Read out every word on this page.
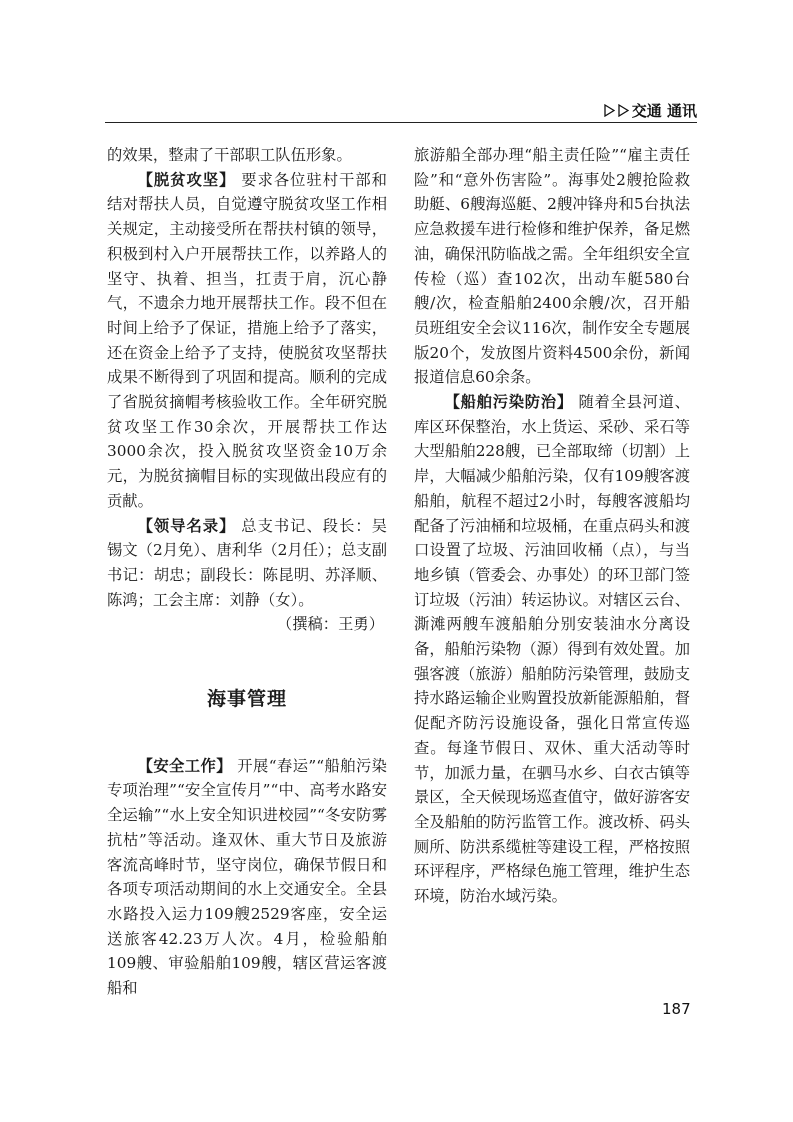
交通 通讯

的效果，整肃了干部职工队伍形象。

【脱贫攻坚】 要求各位驻村干部和结对帮扶人员，自觉遵守脱贫攻坚工作相关规定，主动接受所在帮扶村镇的领导，积极到村入户开展帮扶工作，以养路人的坚守、执着、担当，扛责于肩，沉心静气，不遗余力地开展帮扶工作。段不但在时间上给予了保证，措施上给予了落实，还在资金上给予了支持，使脱贫攻坚帮扶成果不断得到了巩固和提高。顺利的完成了省脱贫摘帽考核验收工作。全年研究脱贫攻坚工作30余次，开展帮扶工作达3000余次，投入脱贫攻坚资金10万余元，为脱贫摘帽目标的实现做出段应有的贡献。

【领导名录】 总支书记、段长：吴锡文（2月免）、唐利华（2月任）；总支副书记：胡忠；副段长：陈昆明、苏泽顺、陈鸿；工会主席：刘静（女）。

（撰稿：王勇）

海事管理

【安全工作】 开展“春运”“船舶污染专项治理”“安全宣传月”“中、高考水路安全运输”“水上安全知识进校园”“冬安防雾抗枯”等活动。逢双休、重大节日及旅游客流高峰时节，坚守岗位，确保节假日和各项专项活动期间的水上交通安全。全县水路投入运力109艘2529客座，安全运送旅客42.23万人次。4月，检验船舶109艘、审验船舶109艘，辖区营运客渡船和

旅游船全部办理“船主责任险”“雇主责任险”和“意外伤害险”。海事处2艘抢险救助艇、6艘海巡艇、2艘冲锋舟和5台执法应急救援车进行检修和维护保养，备足燃油，确保汛防临战之需。全年组织安全宣传检（巡）查102次，出动车艇580台艘/次，检查船舶2400余艘/次，召开船员班组安全会议116次，制作安全专题展版20个，发放图片资料4500余份，新闻报道信息60余条。

【船舶污染防治】 随着全县河道、库区环保整治，水上货运、采砂、采石等大型船舶228艘，已全部取缔（切割）上岸，大幅减少船舶污染，仅有109艘客渡船舶，航程不超过2小时，每艘客渡船均配备了污油桶和垃圾桶，在重点码头和渡口设置了垃圾、污油回收桶（点），与当地乡镇（管委会、办事处）的环卫部门签订垃圾（污油）转运协议。对辖区云台、澌滩两艘车渡船舶分别安装油水分离设备，船舶污染物（源）得到有效处置。加强客渡（旅游）船舶防污染管理，鼓励支持水路运输企业购置投放新能源船舶，督促配齐防污设施设备，强化日常宣传巡查。每逢节假日、双休、重大活动等时节，加派力量，在驷马水乡、白衣古镇等景区，全天候现场巡查值守，做好游客安全及船舶的防污监管工作。渡改桥、码头厕所、防洪系缆桩等建设工程，严格按照环评程序，严格绿色施工管理，维护生态环境，防治水域污染。

187
